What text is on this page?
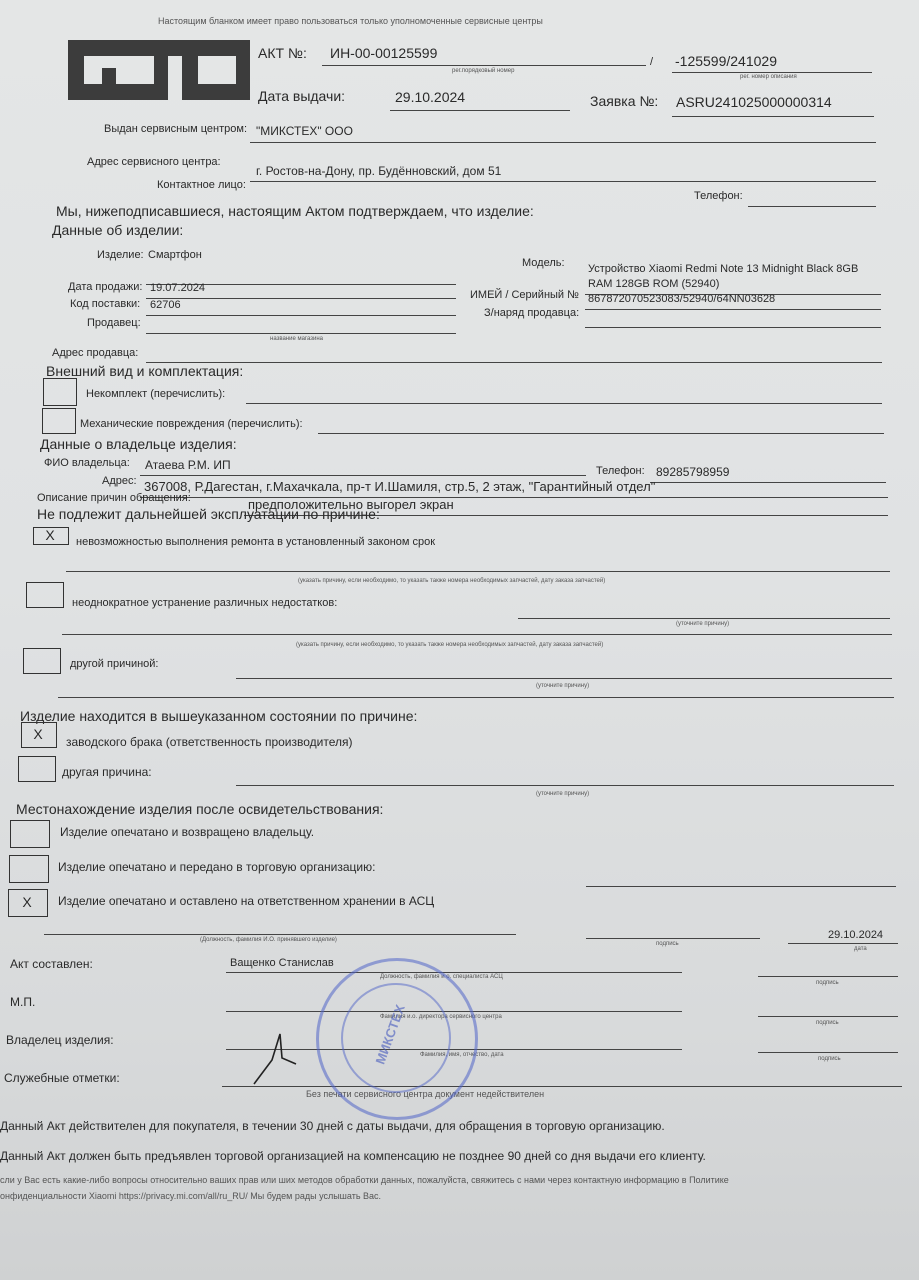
Настоящим бланком имеет право пользоваться только уполномоченные сервисные центры
АКТ №: ИН-00-00125599
рег.порядковый номер
/ -125599/241029
рег. номер описания
Дата выдачи:	29.10.2024	Заявка №: ASRU241025000000314
Выдан сервисным центром: "МИКСТЕХ" ООО
Адрес сервисного центра:
г. Ростов-на-Дону, пр. Будённовский, дом 51
Контактное лицо:
Телефон:
Мы, нижеподписавшиеся, настоящим Актом подтверждаем, что изделие:
Данные об изделии:
Изделие: Смартфон
Модель: Устройство Xiaomi Redmi Note 13 Midnight Black 8GB
RAM 128GB ROM (52940)
Дата продажи: 19.07.2024
ИМЕЙ / Серийный № 867872070523083/52940/64NN03628
Код поставки: 62706
З/наряд продавца:
Продавец:
название магазина
Адрес продавца:
Внешний вид и комплектация:
Некомплект (перечислить):
Механические повреждения (перечислить):
Данные о владельце изделия:
ФИО владельца: Атаева Р.М. ИП	Телефон: 89285798959
Адрес: 367008, Р.Дагестан, г.Махачкала, пр-т И.Шамиля, стр.5, 2 этаж, "Гарантийный отдел"
Описание причин обращения:	предположительно выгорел экран
Не подлежит дальнейшей эксплуатации по причине:
X	невозможностью выполнения ремонта в установленный законом срок
(указать причину, если необходимо, то указать также номера необходимых запчастей, дату заказа запчастей)
неоднократное устранение различных недостатков:
(уточните причину)
(указать причину, если необходимо, то указать также номера необходимых запчастей, дату заказа запчастей)
другой причиной:
(уточните причину)
Изделие находится в вышеуказанном состоянии по причине:
X	заводского брака (ответственность производителя)
другая причина:
(уточните причину)
Местонахождение изделия после освидетельствования:
Изделие опечатано и возвращено владельцу.
Изделие опечатано и передано в торговую организацию:
X	Изделие опечатано и оставлено на ответственном хранении в АСЦ
(Должность, фамилия И.О. принявшего изделие)
подпись
29.10.2024
дата
Акт составлен:	Ващенко Станислав
Должность, фамилия и о. специалиста АСЦ
подпись
М.П.
Фамилия и.о. директора сервисного центра
подпись
Владелец изделия:
Фамилия, имя, отчество, дата
подпись
Служебные отметки:
Без печати сервисного центра документ недействителен
МИКСТЕХ
Данный Акт действителен для покупателя, в течении 30 дней с даты выдачи, для обращения в торговую организацию.
Данный Акт должен быть предъявлен торговой организацией на компенсацию не позднее 90 дней со дня выдачи его клиенту.
сли у Вас есть какие-либо вопросы относительно ваших прав или ших методов обработки данных, пожалуйста, свяжитесь с нами через контактную информацию в Политике
онфиденциальности Xiaomi https://privacy.mi.com/all/ru_RU/ Мы будем рады услышать Вас.
